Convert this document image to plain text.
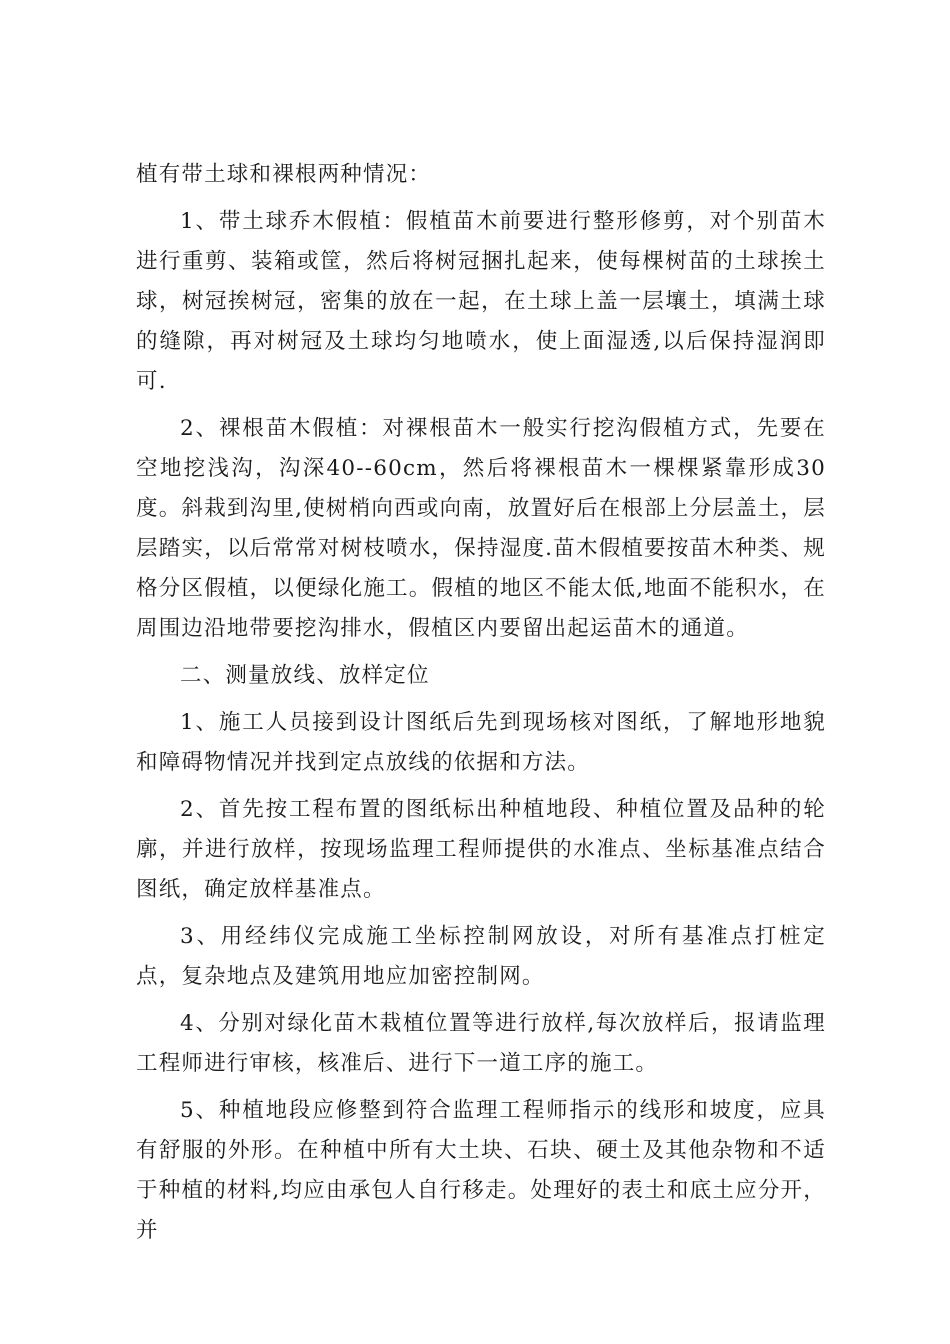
植有带土球和裸根两种情况：

1、带土球乔木假植：假植苗木前要进行整形修剪，对个别苗木进行重剪、装箱或筐，然后将树冠捆扎起来，使每棵树苗的土球挨土球，树冠挨树冠，密集的放在一起，在土球上盖一层壤土，填满土球的缝隙，再对树冠及土球均匀地喷水，使上面湿透,以后保持湿润即可.

2、裸根苗木假植：对裸根苗木一般实行挖沟假植方式，先要在空地挖浅沟，沟深40--60cm，然后将裸根苗木一棵棵紧靠形成30度。斜栽到沟里,使树梢向西或向南，放置好后在根部上分层盖土，层层踏实，以后常常对树枝喷水，保持湿度.苗木假植要按苗木种类、规格分区假植，以便绿化施工。假植的地区不能太低,地面不能积水，在周围边沿地带要挖沟排水，假植区内要留出起运苗木的通道。

二、测量放线、放样定位

1、施工人员接到设计图纸后先到现场核对图纸，了解地形地貌和障碍物情况并找到定点放线的依据和方法。

2、首先按工程布置的图纸标出种植地段、种植位置及品种的轮廓，并进行放样，按现场监理工程师提供的水准点、坐标基准点结合图纸，确定放样基准点。

3、用经纬仪完成施工坐标控制网放设，对所有基准点打桩定点，复杂地点及建筑用地应加密控制网。

4、分别对绿化苗木栽植位置等进行放样,每次放样后，报请监理工程师进行审核，核准后、进行下一道工序的施工。

5、种植地段应修整到符合监理工程师指示的线形和坡度，应具有舒服的外形。在种植中所有大土块、石块、硬土及其他杂物和不适于种植的材料,均应由承包人自行移走。处理好的表土和底土应分开，并
